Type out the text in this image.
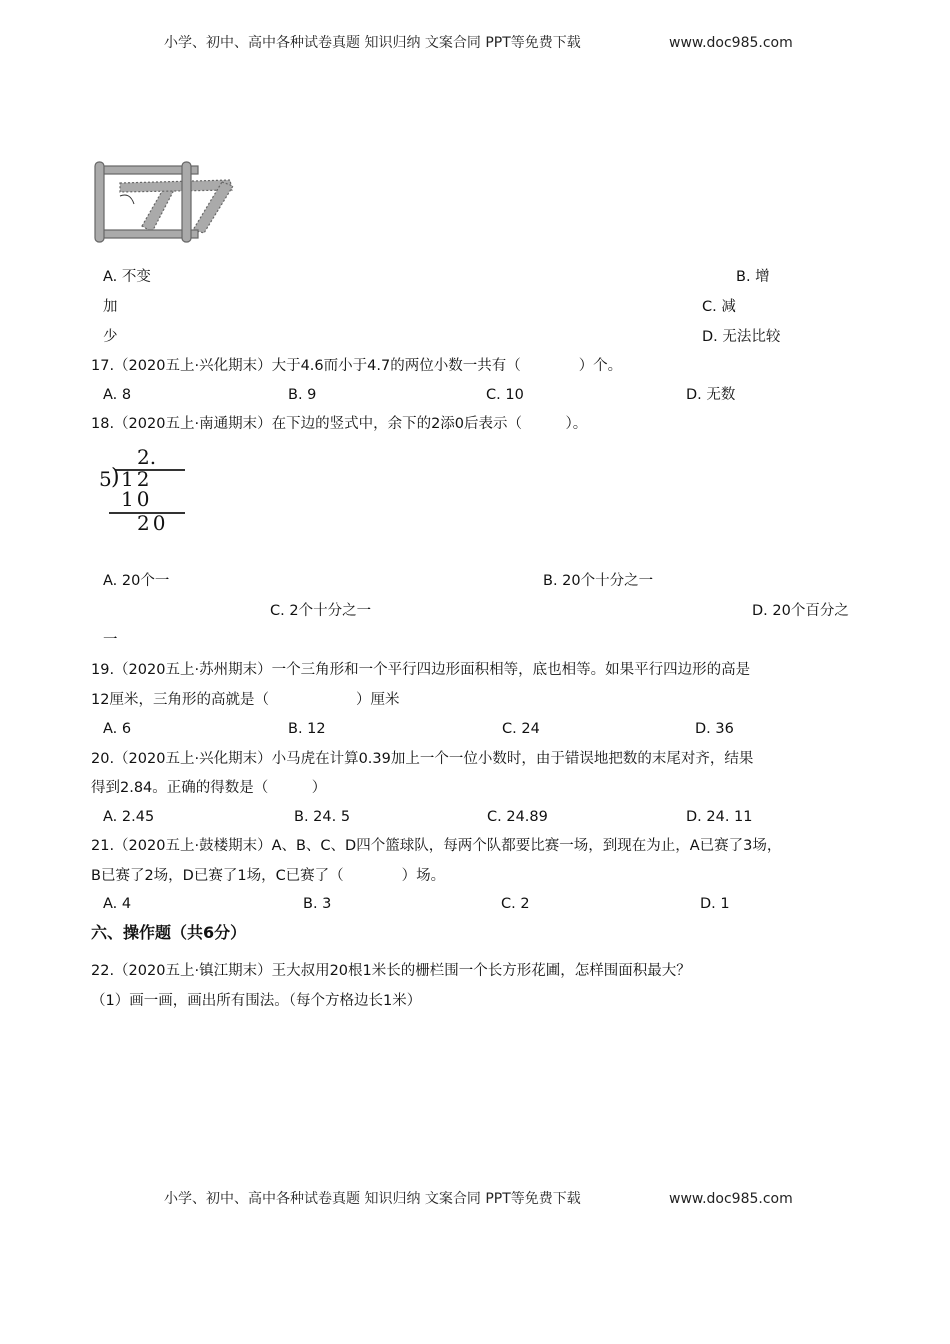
小学、初中、高中各种试卷真题 知识归纳 文案合同 PPT等免费下载	www.doc985.com
A. 不变	B. 增
加	C. 减
少	D. 无法比较
17.（2020五上·兴化期末）大于4.6而小于4.7的两位小数一共有（　　　　）个。
A. 8	B. 9	C. 10	D. 无数
18.（2020五上·南通期末）在下边的竖式中，余下的2添0后表示（　　　）。
2.
5 ) 12
10
20
A. 20个一	B. 20个十分之一
C. 2个十分之一	D. 20个百分之
一
19.（2020五上·苏州期末）一个三角形和一个平行四边形面积相等，底也相等。如果平行四边形的高是
12厘米，三角形的高就是（　　　　　　）厘米
A. 6	B. 12	C. 24	D. 36
20.（2020五上·兴化期末）小马虎在计算0.39加上一个一位小数时，由于错误地把数的末尾对齐，结果
得到2.84。正确的得数是（　　　）
A. 2.45	B. 24. 5	C. 24.89	D. 24. 11
21.（2020五上·鼓楼期末）A、B、C、D四个篮球队，每两个队都要比赛一场，到现在为止，A已赛了3场，
B已赛了2场，D已赛了1场，C已赛了（　　　　）场。
A. 4	B. 3	C. 2	D. 1
六、操作题（共6分）
22.（2020五上·镇江期末）王大叔用20根1米长的栅栏围一个长方形花圃，怎样围面积最大？
（1）画一画，画出所有围法。（每个方格边长1米）
小学、初中、高中各种试卷真题 知识归纳 文案合同 PPT等免费下载	www.doc985.com
